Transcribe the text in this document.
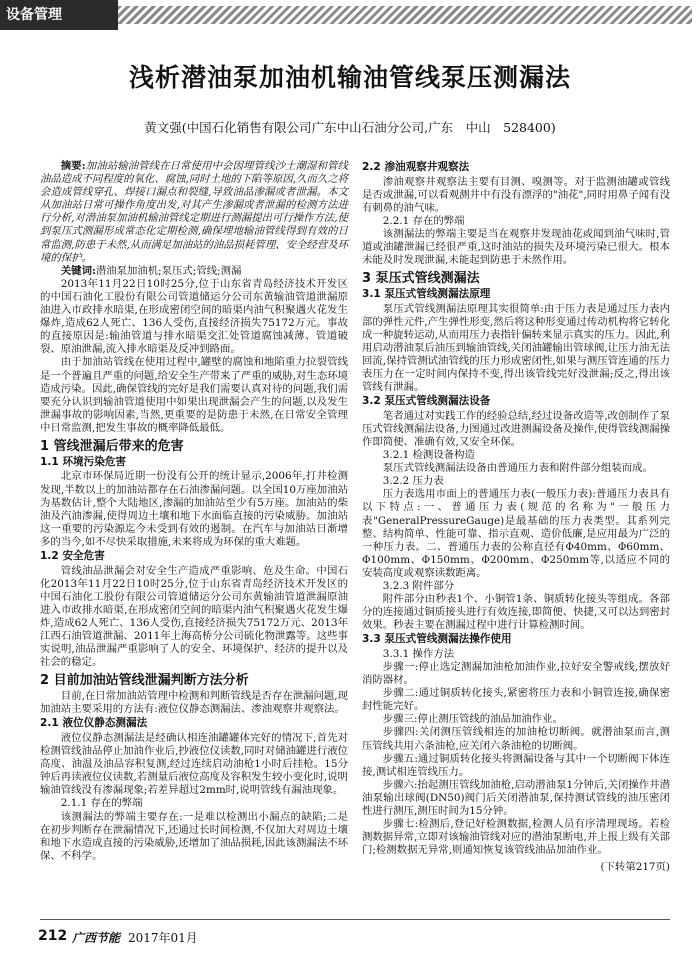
设备管理
浅析潜油泵加油机输油管线泵压测漏法
黄文强(中国石化销售有限公司广东中山石油分公司,广东　中山　528400)

摘要:加油站输油管线在日常使用中会因埋管线沙土潮湿和管线油品造成不同程度的氧化、腐蚀,同时土地的下陷等原因,久而久之将会造成管线穿孔、焊接口漏点和裂缝,导致油品渗漏或者泄漏。本文从加油站日常可操作角度出发,对其产生渗漏或者泄漏的检测方法进行分析,对潜油泵加油机输油管线定期进行测漏提出可行操作方法,使到泵压式测漏形成常态化定期检测,确保埋地输油管线得到有效的日常监测,防患于未然,从而满足加油站的油品损耗管理、安全经营及环境的保护。

关键词:潜油泵加油机;泵压式;管线;测漏

2013年11月22日10时25分,位于山东省青岛经济技术开发区的中国石油化工股份有限公司管道储运分公司东黄输油管道泄漏原油进入市政排水暗渠,在形成密闭空间的暗渠内油气积聚遇火花发生爆炸,造成62人死亡、136人受伤,直接经济损失75172万元。事故的直接原因是:输油管道与排水暗渠交汇处管道腐蚀减薄、管道破裂、原油泄漏,流入排水暗渠及反冲到路面。

由于加油站管线在使用过程中,罐壁的腐蚀和地陷重力拉裂管线是一个普遍且严重的问题,给安全生产带来了严重的威胁,对生态环境造成污染。因此,确保管线的完好是我们需要认真对待的问题,我们需要充分认识到输油管道使用中如果出现泄漏会产生的问题,以及发生泄漏事故的影响因素,当然,更重要的是防患于未然,在日常安全管理中日常监测,把发生事故的概率降低最低。

1 管线泄漏后带来的危害
1.1 环境污染危害

北京市环保局近期一份没有公开的统计显示,2006年,打井检测发现,半数以上的加油站都存在石油渗漏问题。以全国10万座加油站为基数估计,整个大陆地区,渗漏的加油站至少有5万座。加油站的柴油及汽油渗漏,使得周边土壤和地下水面临直接的污染威胁。加油站这一重要的污染源迄今未受到有效的遏制。在汽车与加油站日渐增多的当今,如不尽快采取措施,未来将成为环保的重大难题。

1.2 安全危害

管线油品泄漏会对安全生产造成严重影响、危及生命。中国石化2013年11月22日10时25分,位于山东省青岛经济技术开发区的中国石油化工股份有限公司管道储运分公司东黄输油管道泄漏原油进入市政排水暗渠,在形成密闭空间的暗渠内油气积聚遇火花发生爆炸,造成62人死亡、136人受伤,直接经济损失75172万元、2013年江西石油管道泄漏、2011年上海高桥分公司硫化物泄露等。这些事实说明,油品泄漏严重影响了人的安全、环境保护、经济的提升以及社会的稳定。

2 目前加油站管线泄漏判断方法分析

目前,在日常加油站管理中检测和判断管线是否存在泄漏问题,现加油站主要采用的方法有:液位仪静态测漏法、渗油观察井观察法。

2.1 液位仪静态测漏法

液位仪静态测漏法是经确认相连油罐罐体完好的情况下,首先对检测管线油品停止加油作业后,抄液位仪读数,同时对储油罐进行液位高度、油温及油品容积复测,经过连续启动油枪1小时后挂枪。15分钟后再读液位仪读数,若测量后液位高度及容积发生较小变化时,说明输油管线没有渗漏现象;若差异超过2mm时,说明管线有漏油现象。

2.1.1 存在的弊端

该测漏法的弊端主要存在:一是难以检测出小漏点的缺陷;二是在初步判断存在泄漏情况下,还通过长时间检测,不仅加大对周边土壤和地下水造成直接的污染威胁,还增加了油品损耗,因此该测漏法不环保、不科学。

2.2 渗油观察井观察法

渗油观察井观察法主要有目测、嗅测等。对于监测油罐或管线是否或泄漏,可以看观测井中有没有漂浮的"油花",同时用鼻子闻有没有刺鼻的油气味。

2.2.1 存在的弊端

该测漏法的弊端主要是当在观察井发现油花或闻到油气味时,管道或油罐泄漏已经很严重,这时油站的损失及环境污染已很大。根本未能及时发现泄漏,未能起到防患于未然作用。

3 泵压式管线测漏法
3.1 泵压式管线测漏法原理

泵压式管线测漏法原理其实很简单:由于压力表是通过压力表内部的弹性元件,产生弹性形变,然后将这种形变通过传动机构将它转化成一种旋转运动,从而用压力表指针偏转来显示真实的压力。因此,利用启动潜油泵后油压到输油管线,关闭油罐输出管球阀,让压力油无法回流,保持管测试油管线的压力形成密闭性,如果与测压管连通的压力表压力在一定时间内保持不变,得出该管线完好没泄漏;反之,得出该管线有泄漏。

3.2 泵压式管线测漏法设备

笔者通过对实践工作的经验总结,经过设备改造等,改创制作了泵压式管线测漏法设备,力图通过改进测漏设备及操作,使得管线测漏操作即简便、准确有效,又安全环保。

3.2.1 检测设备构造

泵压式管线测漏法设备由普通压力表和附件部分组装而成。

3.2.2 压力表

压力表选用市面上的普通压力表(一般压力表):普通压力表具有以下特点:一、普通压力表(规范的名称为"一般压力表"GeneralPressureGauge)是最基础的压力表类型。其系列完整、结构简单、性能可靠、指示直观、造价低廉,是应用最为广泛的一种压力表。二、普通压力表的公称直径有Φ40mm、Φ60mm、Φ100mm、Φ150mm、Φ200mm、Φ250mm等,以适应不同的安装高度或观察读数距离。

3.2.3 附件部分

附件部分由秒表1个、小铜管1条、铜质转化接头等组成。各部分的连接通过铜质接头进行有效连接,即简便、快捷,又可以达到密封效果。秒表主要在测漏过程中进行计算检测时间。

3.3 泵压式管线测漏法操作使用

3.3.1 操作方法

步骤一:停止选定测漏加油枪加油作业,拉好安全警戒线,摆放好消防器材。

步骤二:通过铜质转化接头,紧密将压力表和小铜管连接,确保密封性能完好。

步骤三:停止测压管线的油品加油作业。

步骤四:关闭测压管线相连的加油枪切断阀。就潜油泵而言,测压管线共用六条油枪,应关闭六条油枪的切断阀。

步骤五:通过铜质转化接头将测漏设备与其中一个切断阀下体连接,测试相连管线压力。

步骤六:抬起测压管线加油枪,启动潜油泵1分钟后,关闭操作井潜油泵输出球阀(DN50)阀门后关闭潜油泵,保持测试管线的油压密闭性进行测压,测压时间为15分钟。

步骤七:检测后,登记好检测数据,检测人员有序清理现场。若检测数据异常,立即对该输油管线对应的潜油泵断电,并上报上级有关部门;检测数据无异常,则通知恢复该管线油品加油作业。

(下转第217页)
212 广西节能 2017年01月
